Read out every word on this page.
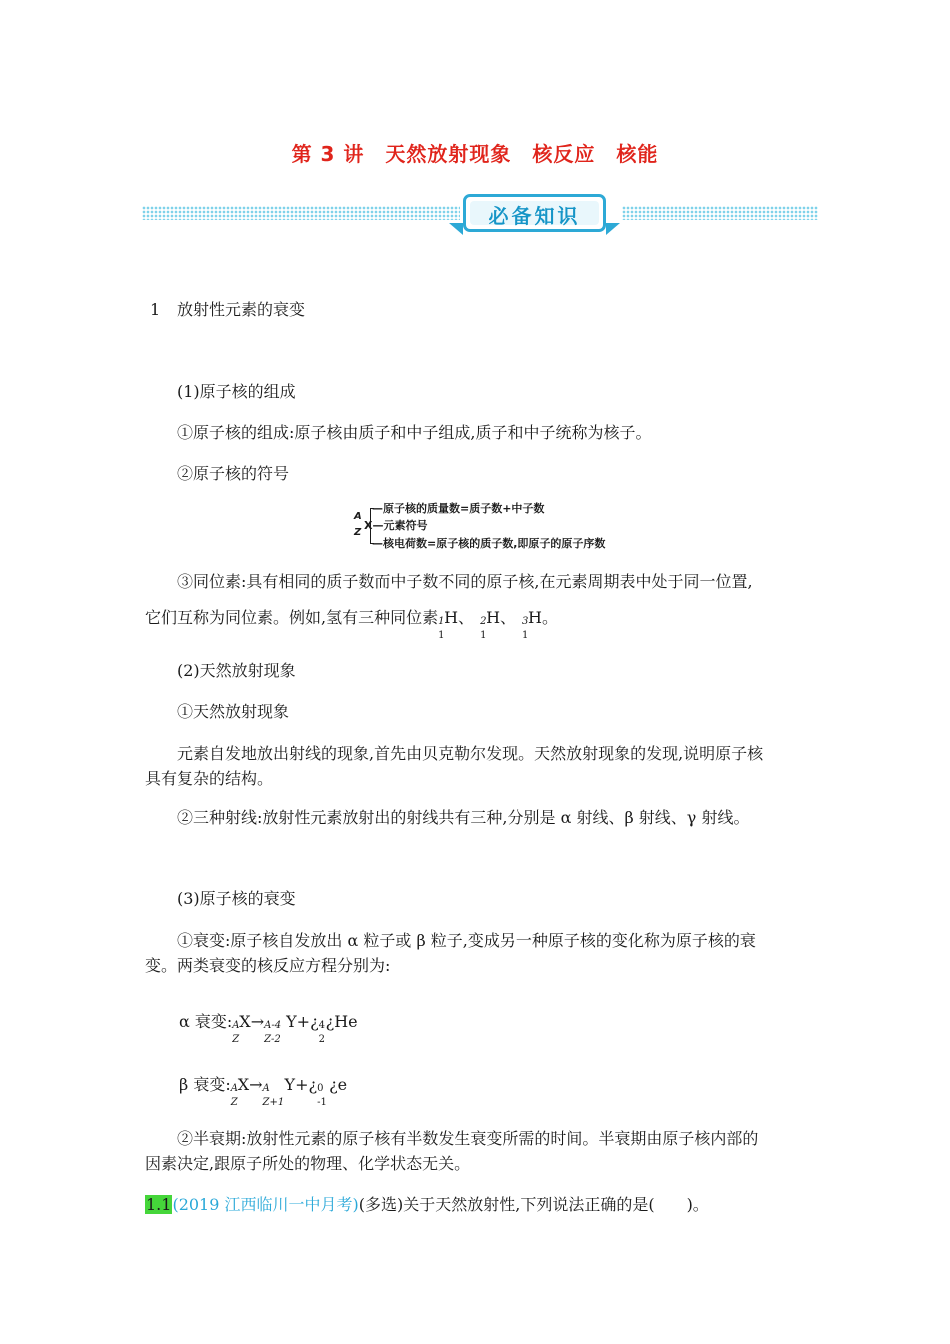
第 3 讲　天然放射现象　核反应　核能
必备知识
1 放射性元素的衰变
(1)原子核的组成
①原子核的组成:原子核由质子和中子组成,质子和中子统称为核子。
②原子核的符号
—原子核的质量数=质子数+中子数
A
X—元素符号
Z
—核电荷数=原子核的质子数,即原子的原子序数
③同位素:具有相同的质子数而中子数不同的原子核,在元素周期表中处于同一位置,
它们互称为同位素。例如,氢有三种同位素 1
1
H、 2
1
H、 3
1
H。
(2)天然放射现象
①天然放射现象
元素自发地放出射线的现象,首先由贝克勒尔发现。天然放射现象的发现,说明原子核
具有复杂的结构。
②三种射线:放射性元素放射出的射线共有三种,分别是 α 射线、β 射线、γ 射线。
(3)原子核的衰变
①衰变:原子核自发放出 α 粒子或 β 粒子,变成另一种原子核的变化称为原子核的衰
变。两类衰变的核反应方程分别为:
α 衰变: A
Z
X→ A-4
Z-2
Y+¿ 4
2
¿He
β 衰变: A
Z
X→ A
Z+1
Y+¿ 0
-1
¿e
②半衰期:放射性元素的原子核有半数发生衰变所需的时间。半衰期由原子核内部的
因素决定,跟原子所处的物理、化学状态无关。
1.1(2019 江西临川一中月考)(多选)关于天然放射性,下列说法正确的是(　　)。
